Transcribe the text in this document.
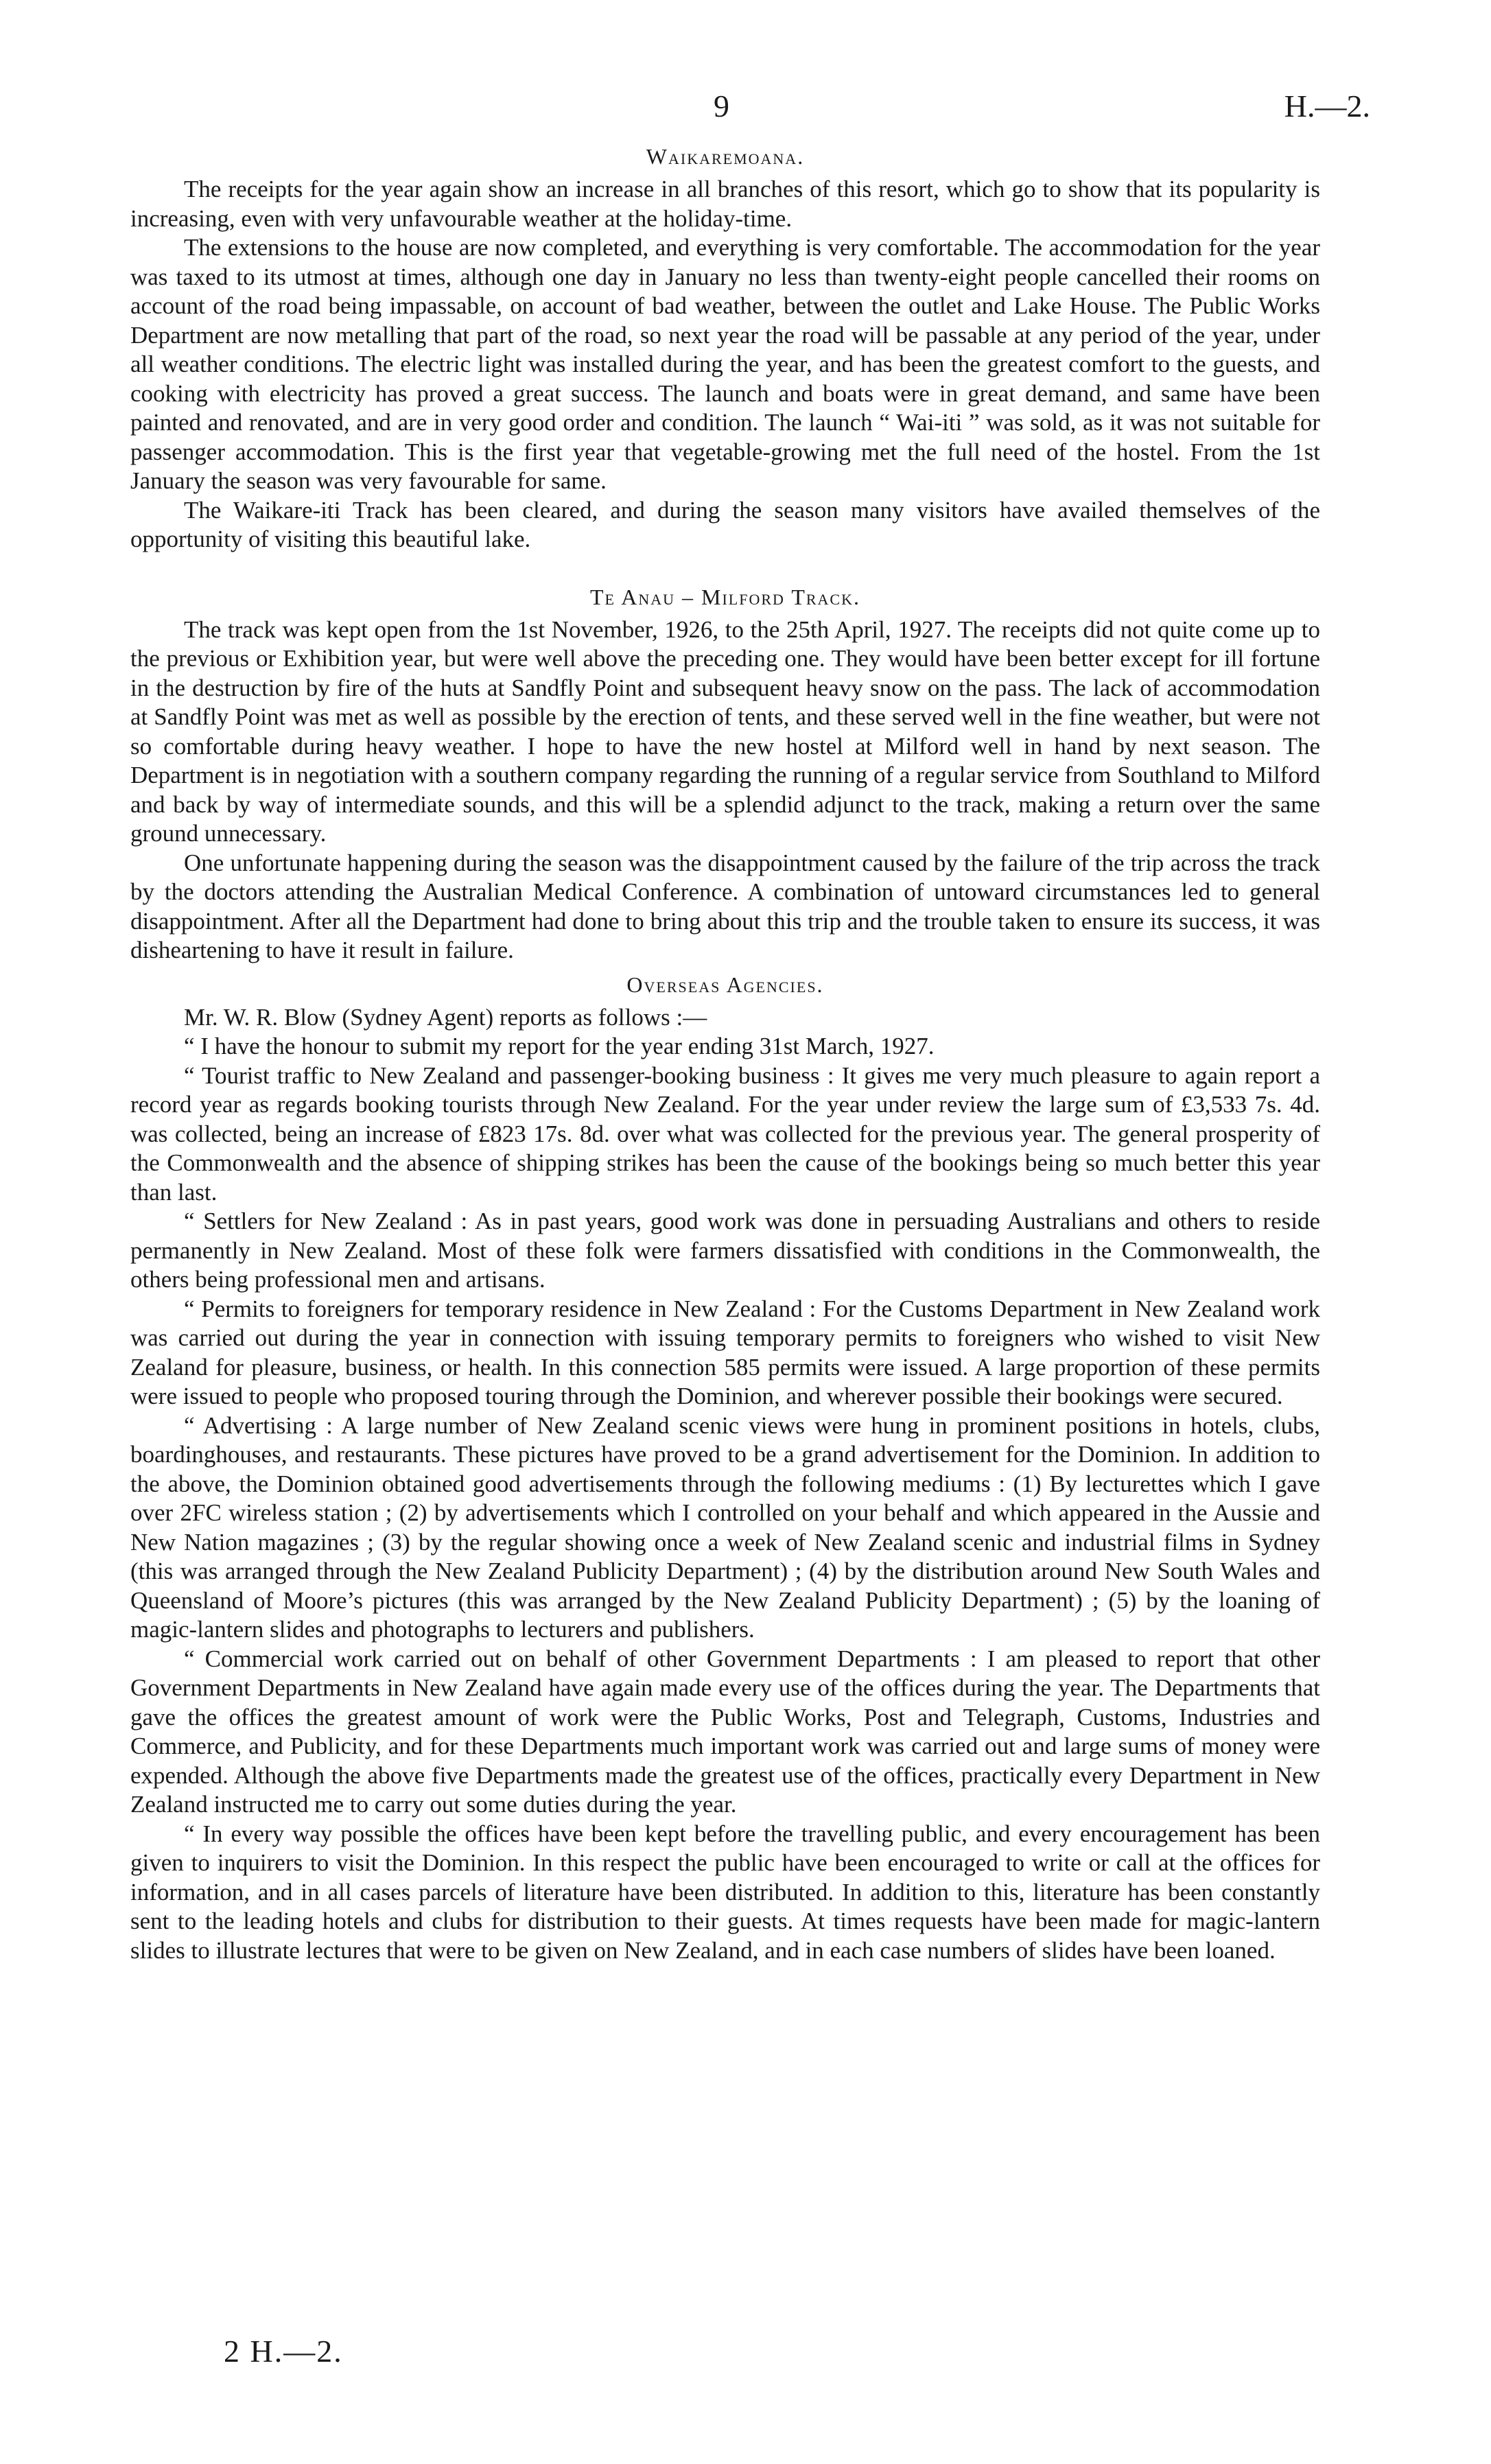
9	H.—2.
Waikaremoana.

The receipts for the year again show an increase in all branches of this resort, which go to show that its popularity is increasing, even with very unfavourable weather at the holiday-time.

The extensions to the house are now completed, and everything is very comfortable. The accommodation for the year was taxed to its utmost at times, although one day in January no less than twenty-eight people cancelled their rooms on account of the road being impassable, on account of bad weather, between the outlet and Lake House. The Public Works Department are now metalling that part of the road, so next year the road will be passable at any period of the year, under all weather conditions. The electric light was installed during the year, and has been the greatest comfort to the guests, and cooking with electricity has proved a great success. The launch and boats were in great demand, and same have been painted and renovated, and are in very good order and condition. The launch “ Wai-iti ” was sold, as it was not suitable for passenger accommodation. This is the first year that vegetable-growing met the full need of the hostel. From the 1st January the season was very favourable for same.

The Waikare-iti Track has been cleared, and during the season many visitors have availed themselves of the opportunity of visiting this beautiful lake.

Te Anau – Milford Track.

The track was kept open from the 1st November, 1926, to the 25th April, 1927. The receipts did not quite come up to the previous or Exhibition year, but were well above the preceding one. They would have been better except for ill fortune in the destruction by fire of the huts at Sandfly Point and subsequent heavy snow on the pass. The lack of accommodation at Sandfly Point was met as well as possible by the erection of tents, and these served well in the fine weather, but were not so comfortable during heavy weather. I hope to have the new hostel at Milford well in hand by next season. The Department is in negotiation with a southern company regarding the running of a regular service from Southland to Milford and back by way of intermediate sounds, and this will be a splendid adjunct to the track, making a return over the same ground unnecessary.

One unfortunate happening during the season was the disappointment caused by the failure of the trip across the track by the doctors attending the Australian Medical Conference. A combination of untoward circumstances led to general disappointment. After all the Department had done to bring about this trip and the trouble taken to ensure its success, it was disheartening to have it result in failure.

Overseas Agencies.

Mr. W. R. Blow (Sydney Agent) reports as follows :—

“ I have the honour to submit my report for the year ending 31st March, 1927.

“ Tourist traffic to New Zealand and passenger-booking business : It gives me very much pleasure to again report a record year as regards booking tourists through New Zealand. For the year under review the large sum of £3,533 7s. 4d. was collected, being an increase of £823 17s. 8d. over what was collected for the previous year. The general prosperity of the Commonwealth and the absence of shipping strikes has been the cause of the bookings being so much better this year than last.

“ Settlers for New Zealand : As in past years, good work was done in persuading Australians and others to reside permanently in New Zealand. Most of these folk were farmers dissatisfied with conditions in the Commonwealth, the others being professional men and artisans.

“ Permits to foreigners for temporary residence in New Zealand : For the Customs Department in New Zealand work was carried out during the year in connection with issuing temporary permits to foreigners who wished to visit New Zealand for pleasure, business, or health. In this connection 585 permits were issued. A large proportion of these permits were issued to people who proposed touring through the Dominion, and wherever possible their bookings were secured.

“ Advertising : A large number of New Zealand scenic views were hung in prominent positions in hotels, clubs, boardinghouses, and restaurants. These pictures have proved to be a grand advertisement for the Dominion. In addition to the above, the Dominion obtained good advertisements through the following mediums : (1) By lecturettes which I gave over 2FC wireless station ; (2) by advertisements which I controlled on your behalf and which appeared in the Aussie and New Nation magazines ; (3) by the regular showing once a week of New Zealand scenic and industrial films in Sydney (this was arranged through the New Zealand Publicity Department) ; (4) by the distribution around New South Wales and Queensland of Moore’s pictures (this was arranged by the New Zealand Publicity Department) ; (5) by the loaning of magic-lantern slides and photographs to lecturers and publishers.

“ Commercial work carried out on behalf of other Government Departments : I am pleased to report that other Government Departments in New Zealand have again made every use of the offices during the year. The Departments that gave the offices the greatest amount of work were the Public Works, Post and Telegraph, Customs, Industries and Commerce, and Publicity, and for these Departments much important work was carried out and large sums of money were expended. Although the above five Departments made the greatest use of the offices, practically every Department in New Zealand instructed me to carry out some duties during the year.

“ In every way possible the offices have been kept before the travelling public, and every encouragement has been given to inquirers to visit the Dominion. In this respect the public have been encouraged to write or call at the offices for information, and in all cases parcels of literature have been distributed. In addition to this, literature has been constantly sent to the leading hotels and clubs for distribution to their guests. At times requests have been made for magic-lantern slides to illustrate lectures that were to be given on New Zealand, and in each case numbers of slides have been loaned.

2 H.—2.
